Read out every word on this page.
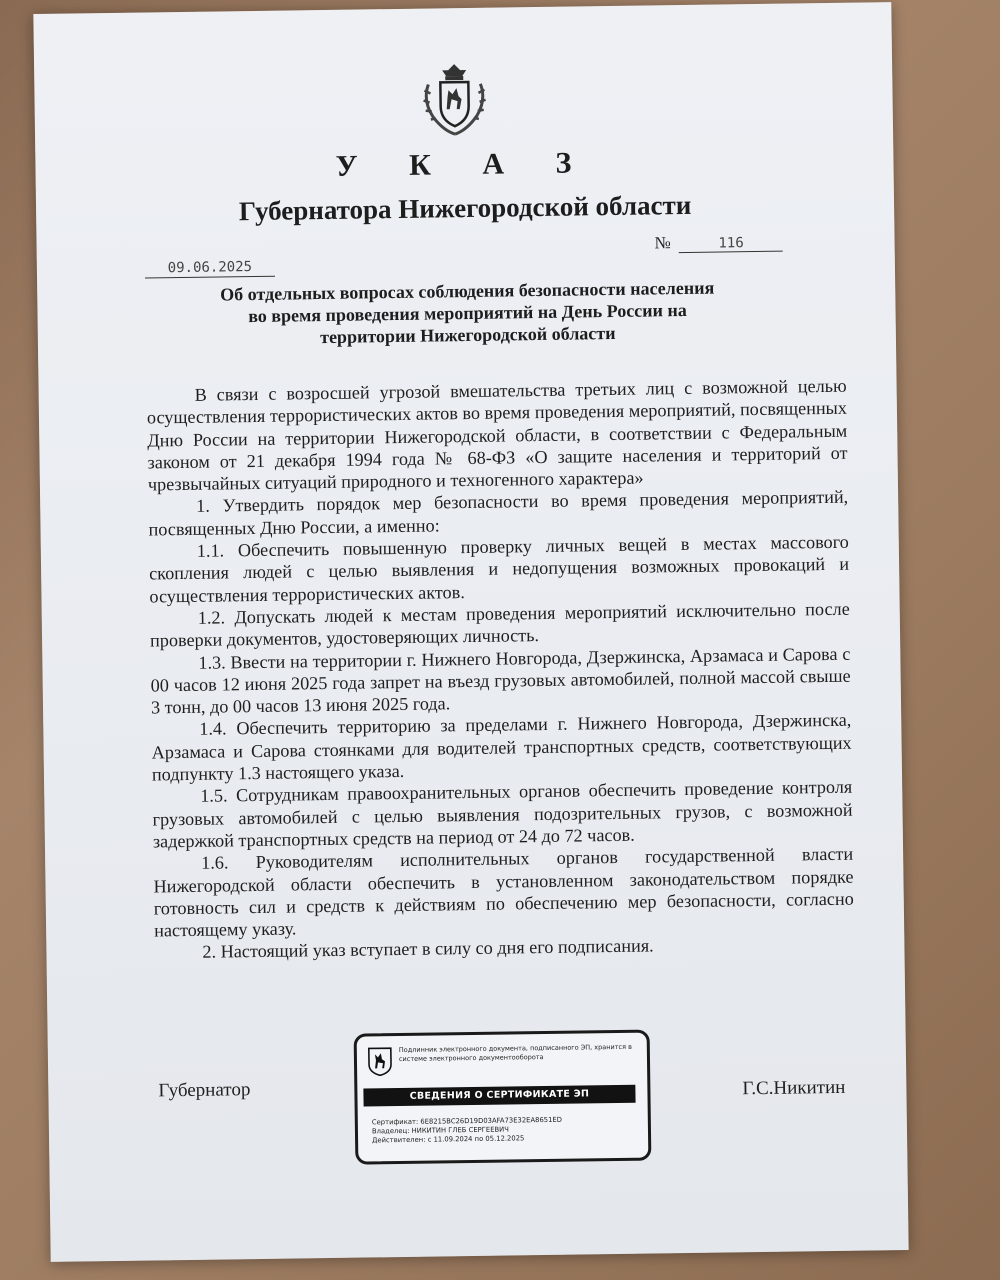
У К А З
Губернатора Нижегородской области
09.06.2025
№	116
Об отдельных вопросах соблюдения безопасности населения во время проведения мероприятий на День России на территории Нижегородской области

В связи с возросшей угрозой вмешательства третьих лиц с возможной целью осуществления террористических актов во время проведения мероприятий, посвященных Дню России на территории Нижегородской области, в соответствии с Федеральным законом от 21 декабря 1994 года № 68-ФЗ «О защите населения и территорий от чрезвычайных ситуаций природного и техногенного характера»

1. Утвердить порядок мер безопасности во время проведения мероприятий, посвященных Дню России, а именно:

1.1. Обеспечить повышенную проверку личных вещей в местах массового скопления людей с целью выявления и недопущения возможных провокаций и осуществления террористических актов.

1.2. Допускать людей к местам проведения мероприятий исключительно после проверки документов, удостоверяющих личность.

1.3. Ввести на территории г. Нижнего Новгорода, Дзержинска, Арзамаса и Сарова с 00 часов 12 июня 2025 года запрет на въезд грузовых автомобилей, полной массой свыше 3 тонн, до 00 часов 13 июня 2025 года.

1.4. Обеспечить территорию за пределами г. Нижнего Новгорода, Дзержинска, Арзамаса и Сарова стоянками для водителей транспортных средств, соответствующих подпункту 1.3 настоящего указа.

1.5. Сотрудникам правоохранительных органов обеспечить проведение контроля грузовых автомобилей с целью выявления подозрительных грузов, с возможной задержкой транспортных средств на период от 24 до 72 часов.

1.6. Руководителям исполнительных органов государственной власти Нижегородской области обеспечить в установленном законодательством порядке готовность сил и средств к действиям по обеспечению мер безопасности, согласно настоящему указу.

2. Настоящий указ вступает в силу со дня его подписания.

Губернатор
Подлинник электронного документа, подписанного ЭП, хранится в системе электронного документооборота
СВЕДЕНИЯ О СЕРТИФИКАТЕ ЭП
Сертификат: 6E8215BC26D19D03AFA73E32EA8651ED
Владелец: НИКИТИН ГЛЕБ СЕРГЕЕВИЧ
Действителен: с 11.09.2024 по 05.12.2025
Г.С.Никитин
